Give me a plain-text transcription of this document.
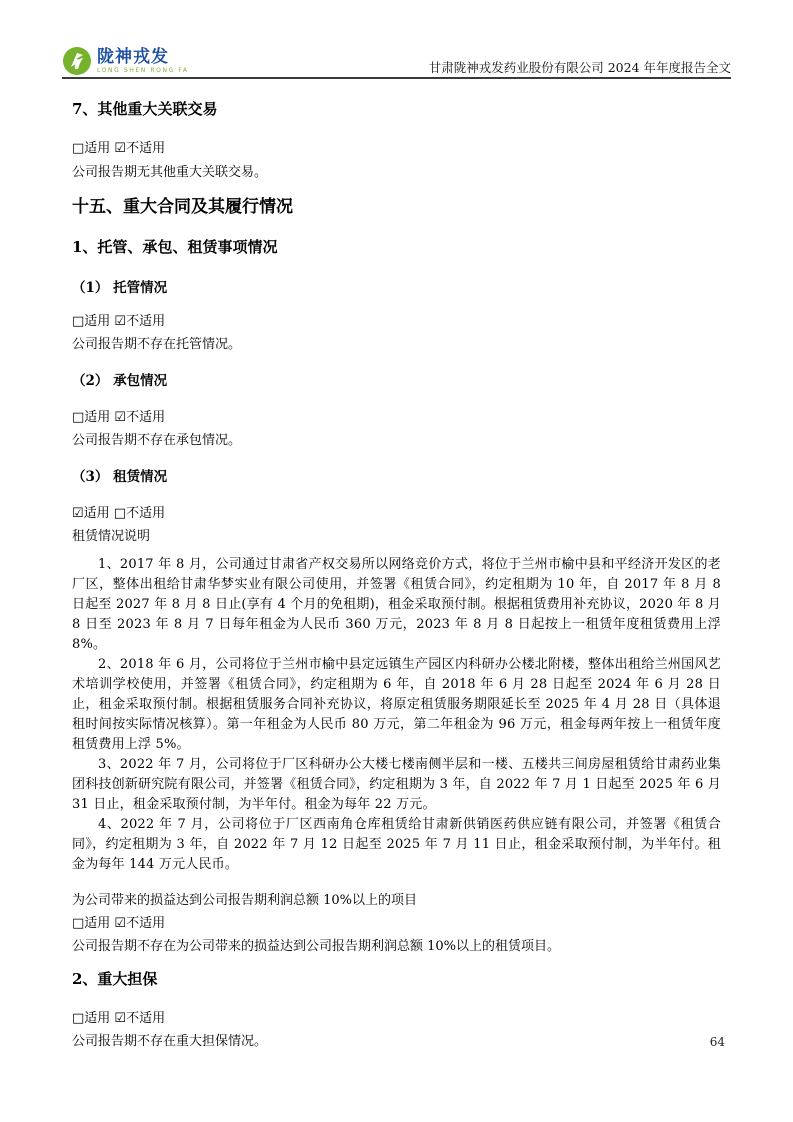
陇神戎发
LONG SHEN RONG FA	甘肃陇神戎发药业股份有限公司 2024 年年度报告全文

7、其他重大关联交易

□适用 ☑不适用

公司报告期无其他重大关联交易。

十五、重大合同及其履行情况

1、托管、承包、租赁事项情况

（1） 托管情况

□适用 ☑不适用

公司报告期不存在托管情况。

（2） 承包情况

□适用 ☑不适用

公司报告期不存在承包情况。

（3） 租赁情况

☑适用 □不适用

租赁情况说明

1、2017 年 8 月，公司通过甘肃省产权交易所以网络竞价方式，将位于兰州市榆中县和平经济开发区的老厂区，整体出租给甘肃华梦实业有限公司使用，并签署《租赁合同》，约定租期为 10 年，自 2017 年 8 月 8 日起至 2027 年 8 月 8 日止(享有 4 个月的免租期)，租金采取预付制。根据租赁费用补充协议，2020 年 8 月 8 日至 2023 年 8 月 7 日每年租金为人民币 360 万元，2023 年 8 月 8 日起按上一租赁年度租赁费用上浮 8%。

2、2018 年 6 月，公司将位于兰州市榆中县定远镇生产园区内科研办公楼北附楼，整体出租给兰州国风艺术培训学校使用，并签署《租赁合同》，约定租期为 6 年，自 2018 年 6 月 28 日起至 2024 年 6 月 28 日止，租金采取预付制。根据租赁服务合同补充协议，将原定租赁服务期限延长至 2025 年 4 月 28 日（具体退租时间按实际情况核算）。第一年租金为人民币 80 万元，第二年租金为 96 万元，租金每两年按上一租赁年度租赁费用上浮 5%。

3、2022 年 7 月，公司将位于厂区科研办公大楼七楼南侧半层和一楼、五楼共三间房屋租赁给甘肃药业集团科技创新研究院有限公司，并签署《租赁合同》，约定租期为 3 年，自 2022 年 7 月 1 日起至 2025 年 6 月 31 日止，租金采取预付制，为半年付。租金为每年 22 万元。

4、2022 年 7 月，公司将位于厂区西南角仓库租赁给甘肃新供销医药供应链有限公司，并签署《租赁合同》，约定租期为 3 年，自 2022 年 7 月 12 日起至 2025 年 7 月 11 日止，租金采取预付制，为半年付。租金为每年 144 万元人民币。

为公司带来的损益达到公司报告期利润总额 10%以上的项目

□适用 ☑不适用

公司报告期不存在为公司带来的损益达到公司报告期利润总额 10%以上的租赁项目。

2、重大担保

□适用 ☑不适用

公司报告期不存在重大担保情况。	64
